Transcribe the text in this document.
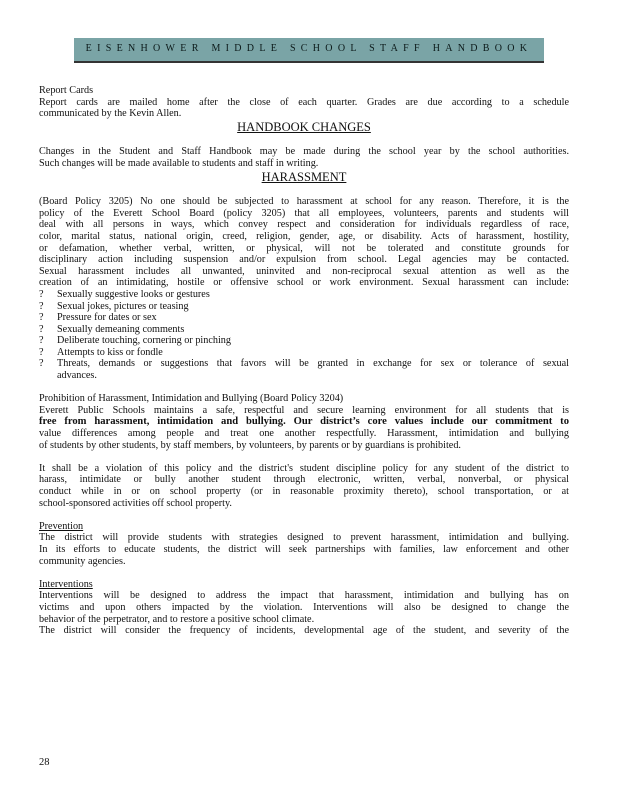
EISENHOWER MIDDLE SCHOOL STAFF HANDBOOK
Report Cards
Report cards are mailed home after the close of each quarter. Grades are due according to a schedule
communicated by the Kevin Allen.
HANDBOOK CHANGES
Changes in the Student and Staff Handbook may be made during the school year by the school authorities.
Such changes will be made available to students and staff in writing.
HARASSMENT
(Board Policy 3205) No one should be subjected to harassment at school for any reason. Therefore, it is the
policy of the Everett School Board (policy 3205) that all employees, volunteers, parents and students will
deal with all persons in ways, which convey respect and consideration for individuals regardless of race,
color, marital status, national origin, creed, religion, gender, age, or disability. Acts of harassment, hostility,
or defamation, whether verbal, written, or physical, will not be tolerated and constitute grounds for
disciplinary action including suspension and/or expulsion from school. Legal agencies may be contacted.
Sexual harassment includes all unwanted, uninvited and non-reciprocal sexual attention as well as the
creation of an intimidating, hostile or offensive school or work environment. Sexual harassment can include:
?	Sexually suggestive looks or gestures
?	Sexual jokes, pictures or teasing
?	Pressure for dates or sex
?	Sexually demeaning comments
?	Deliberate touching, cornering or pinching
?	Attempts to kiss or fondle
?	Threats, demands or suggestions that favors will be granted in exchange for sex or tolerance of sexual
advances.
Prohibition of Harassment, Intimidation and Bullying (Board Policy 3204)
Everett Public Schools maintains a safe, respectful and secure learning environment for all students that is
free from harassment, intimidation and bullying. Our district’s core values include our commitment to
value differences among people and treat one another respectfully. Harassment, intimidation and bullying
of students by other students, by staff members, by volunteers, by parents or by guardians is prohibited.
It shall be a violation of this policy and the district's student discipline policy for any student of the district to
harass, intimidate or bully another student through electronic, written, verbal, nonverbal, or physical
conduct while in or on school property (or in reasonable proximity thereto), school transportation, or at
school-sponsored activities off school property.
Prevention
The district will provide students with strategies designed to prevent harassment, intimidation and bullying.
In its efforts to educate students, the district will seek partnerships with families, law enforcement and other
community agencies.
Interventions
Interventions will be designed to address the impact that harassment, intimidation and bullying has on
victims and upon others impacted by the violation. Interventions will also be designed to change the
behavior of the perpetrator, and to restore a positive school climate.
The district will consider the frequency of incidents, developmental age of the student, and severity of the
28
